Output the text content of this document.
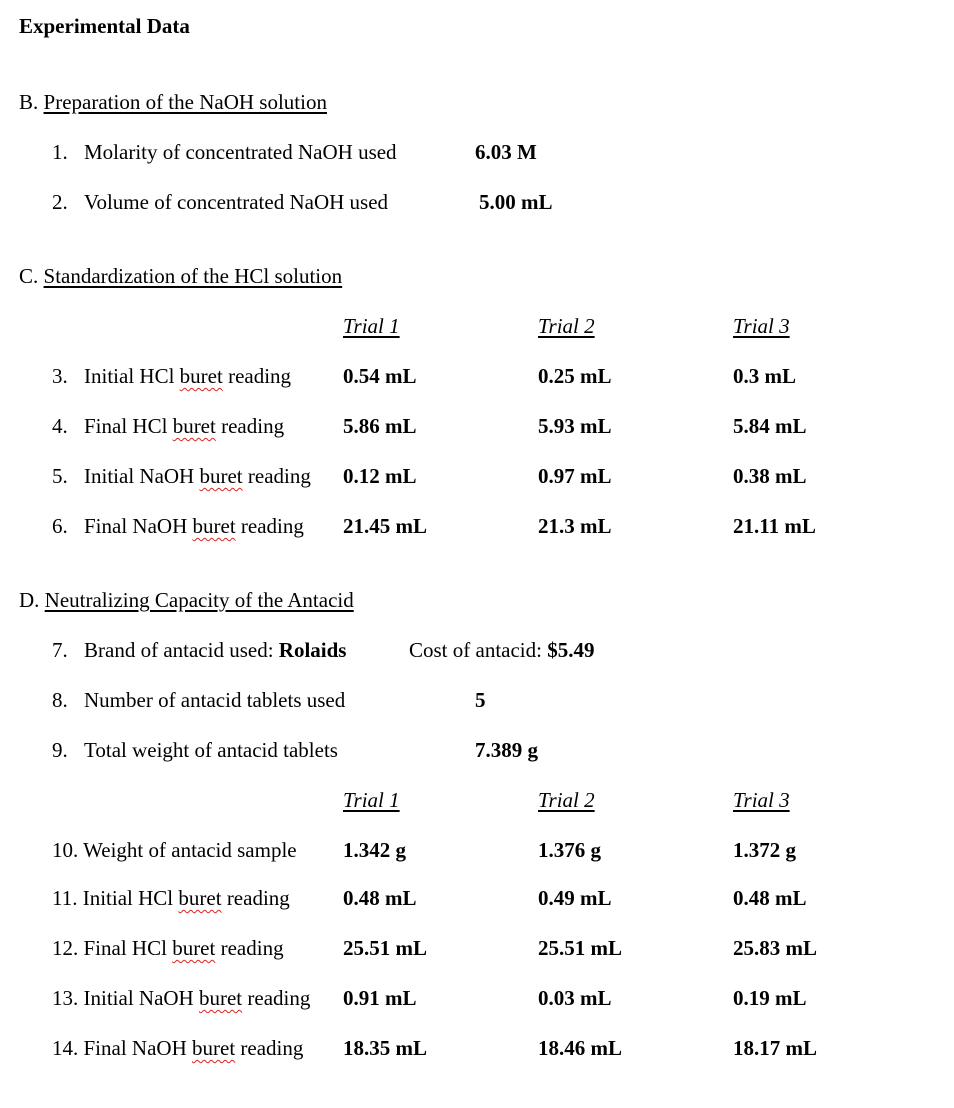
Experimental Data
B. Preparation of the NaOH solution
1. Molarity of concentrated NaOH used	6.03 M
2. Volume of concentrated NaOH used	5.00 mL
C. Standardization of the HCl solution
Trial 1	Trial 2	Trial 3
3. Initial HCl buret reading 0.54 mL	0.25 mL	0.3 mL
4. Final HCl buret reading	5.86 mL	5.93 mL	5.84 mL
5. Initial NaOH buret reading 0.12 mL	0.97 mL	0.38 mL
6. Final NaOH buret reading 21.45 mL	21.3 mL	21.11 mL
D. Neutralizing Capacity of the Antacid
7. Brand of antacid used: Rolaids	Cost of antacid: $5.49
8. Number of antacid tablets used	5
9. Total weight of antacid tablets	7.389 g
Trial 1	Trial 2	Trial 3
10. Weight of antacid sample 1.342 g	1.376 g	1.372 g
11. Initial HCl buret reading	0.48 mL	0.49 mL	0.48 mL
12. Final HCl buret reading	25.51 mL	25.51 mL	25.83 mL
13. Initial NaOH buret reading 0.91 mL	0.03 mL	0.19 mL
14. Final NaOH buret reading 18.35 mL	18.46 mL	18.17 mL
